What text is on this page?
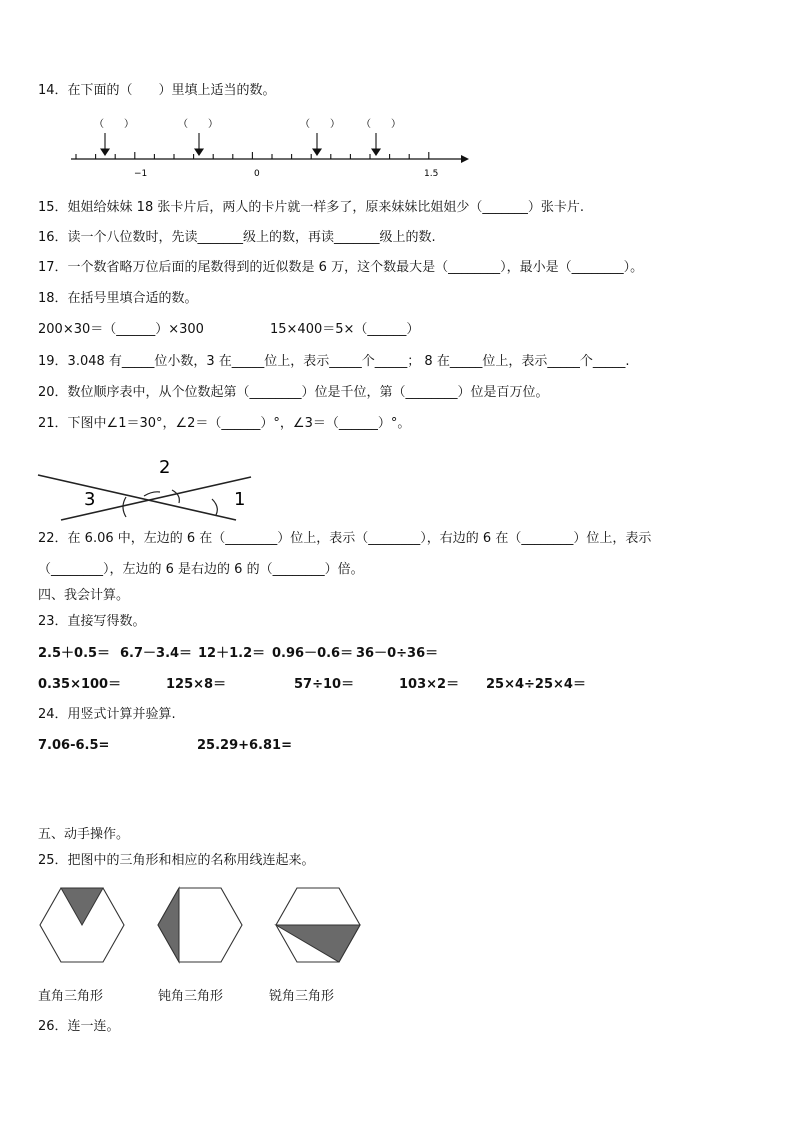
14．在下面的（　　）里填上适当的数。
（　　）	（　　）	（　　） （　　）
−1	0	1.5
15．姐姐给妹妹 18 张卡片后，两人的卡片就一样多了，原来妹妹比姐姐少（_______）张卡片.
16．读一个八位数时，先读_______级上的数，再读_______级上的数.
17．一个数省略万位后面的尾数得到的近似数是 6 万，这个数最大是（________），最小是（________）。
18．在括号里填合适的数。
200×30＝（______）×300	15×400＝5×（______）
19．3.048 有_____位小数，3 在_____位上，表示_____个_____； 8 在_____位上，表示_____个_____.
20．数位顺序表中，从个位数起第（________）位是千位，第（________）位是百万位。
21．下图中∠1＝30°，∠2＝（______）°，∠3＝（______）°。
3
2
1
22．在 6.06 中，左边的 6 在（________）位上，表示（________），右边的 6 在（________）位上，表示
（________），左边的 6 是右边的 6 的（________）倍。
四、我会计算。
23．直接写得数。
2.5＋0.5＝ 6.7－3.4＝ 12＋1.2＝ 0.96－0.6＝ 36－0÷36＝
0.35×100＝	125×8＝	57÷10＝	103×2＝ 25×4÷25×4＝
24．用竖式计算并验算.
7.06-6.5=	25.29+6.81=
五、动手操作。
25．把图中的三角形和相应的名称用线连起来。
直角三角形	钝角三角形	锐角三角形
26．连一连。
